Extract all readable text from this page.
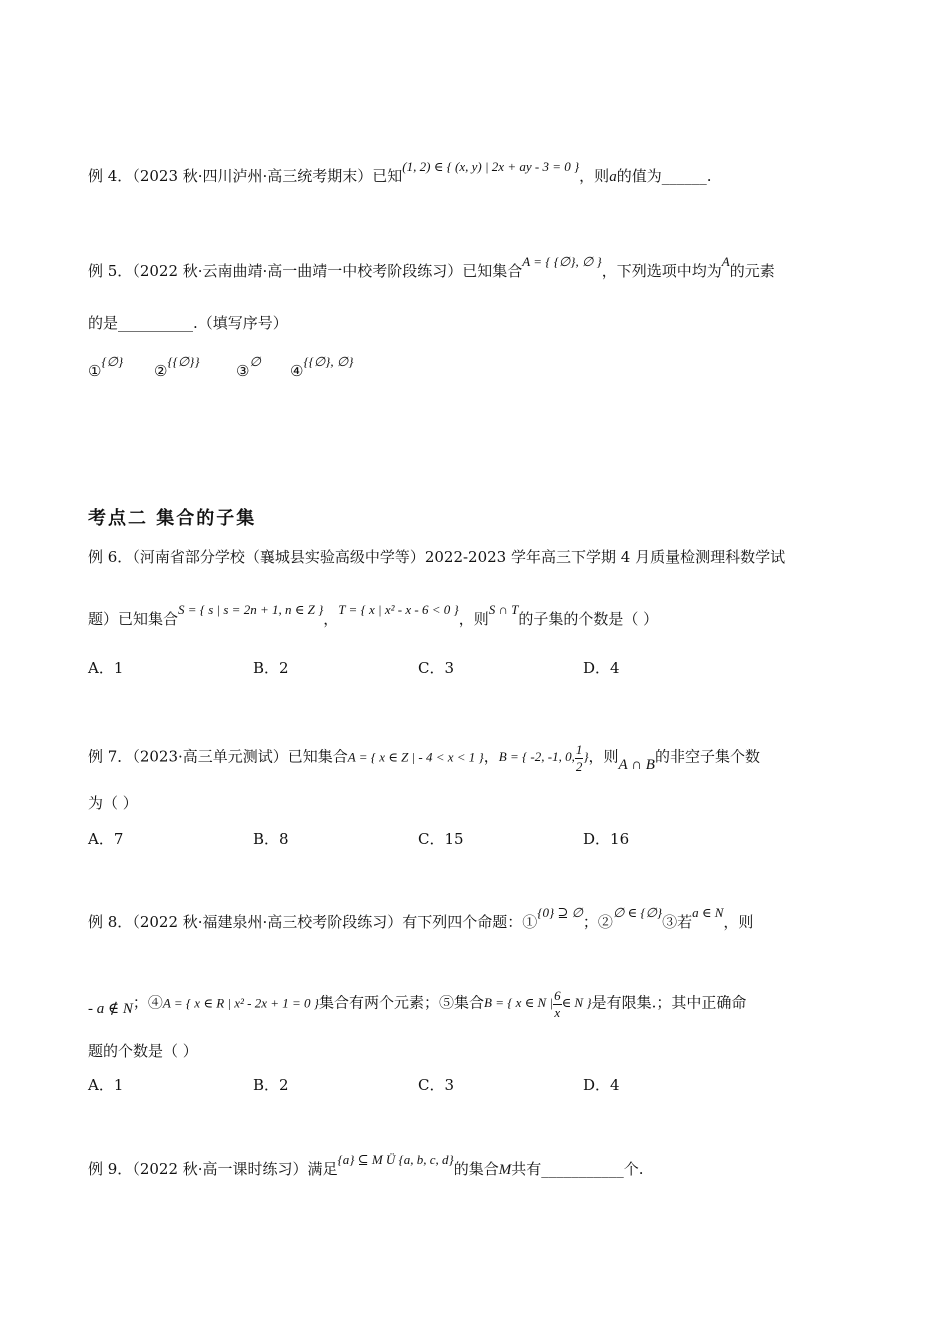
例 4．（2023 秋·四川泸州·高三统考期末）已知(1, 2) ∈ { (x, y) | 2x + ay - 3 = 0 }，则a的值为______.
例 5．（2022 秋·云南曲靖·高一曲靖一中校考阶段练习）已知集合A = { {∅}, ∅ }，下列选项中均为A的元素
的是__________.（填写序号）
①{∅}
②{{∅}}
③∅
④{{∅}, ∅}
考点二 集合的子集
例 6．（河南省部分学校（襄城县实验高级中学等）2022-2023 学年高三下学期 4 月质量检测理科数学试
题）已知集合S = { s | s = 2n + 1, n ∈ Z }，T = { x | x² - x - 6 < 0 }，则S ∩ T的子集的个数是（ ）
A．1	B．2	C．3	D．4
例 7．（2023·高三单元测试）已知集合A = { x ∈ Z | - 4 < x < 1 }，B = { -2, -1, 0, $\frac{1}{2}$ }，则A ∩ B的非空子集个数
为（ ）
A．7	B．8	C．15	D．16
例 8．（2022 秋·福建泉州·高三校考阶段练习）有下列四个命题：①{0} ⊇ ∅；②∅ ∈ {∅}③若a ∈ N，则
- a ∉ N；④A = { x ∈ R | x² - 2x + 1 = 0 }集合有两个元素；⑤集合B = { x ∈ N | $\frac{6}{x}$ ∈ N }是有限集.；其中正确命
题的个数是（ ）
A．1	B．2	C．3	D．4
例 9．（2022 秋·高一课时练习）满足{a} ⊆ M Ü {a, b, c, d}的集合M共有___________个.
